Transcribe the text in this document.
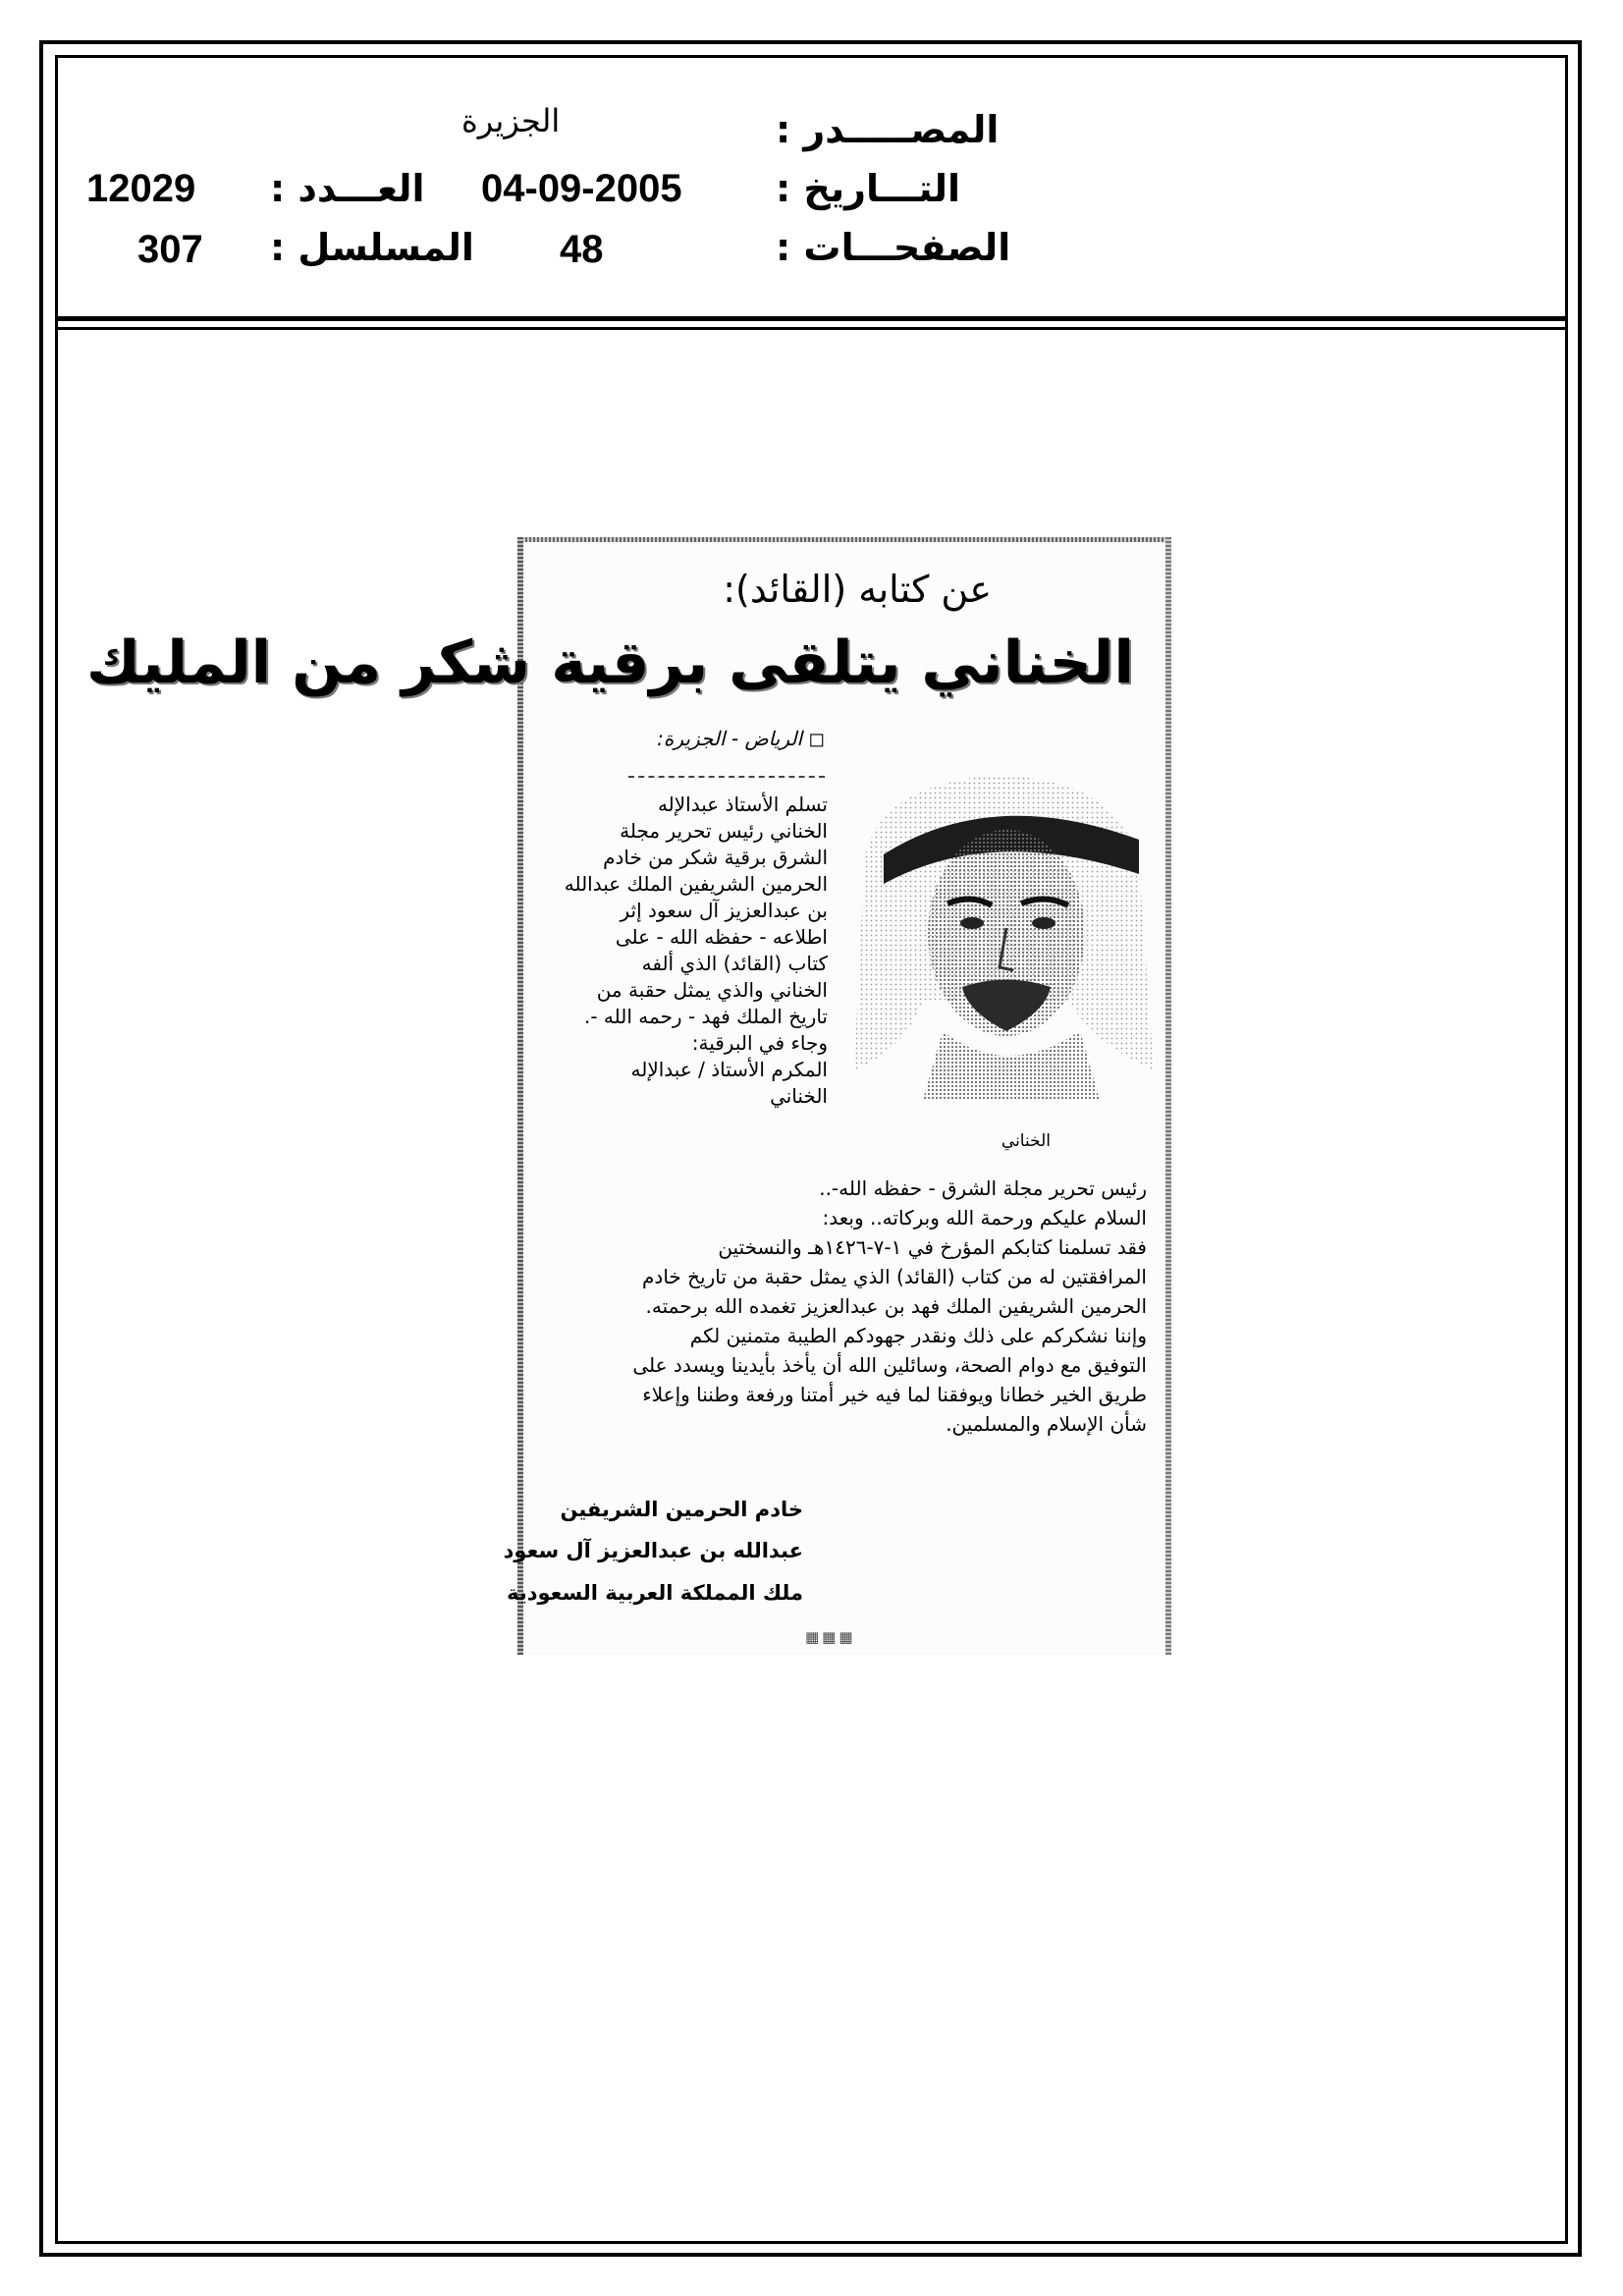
المصـــــدر :
الجزيرة
التـــاريخ :
04-09-2005
العـــدد :
12029
الصفحـــات :
48
المسلسل :
307
عن كتابه (القائد):
الخناني يتلقى برقية شكر من المليك
◻ الرياض - الجزيرة:
الخناني
تسلم الأستاذ عبدالإله
الخناني رئيس تحرير مجلة
الشرق برقية شكر من خادم
الحرمين الشريفين الملك عبدالله
بن عبدالعزيز آل سعود إثر
اطلاعه - حفظه الله - على
كتاب (القائد) الذي ألفه
الخناني والذي يمثل حقبة من
تاريخ الملك فهد - رحمه الله -.
وجاء في البرقية:
المكرم الأستاذ / عبدالإله
الخناني
رئيس تحرير مجلة الشرق - حفظه الله-..
السلام عليكم ورحمة الله وبركاته.. وبعد:
فقد تسلمنا كتابكم المؤرخ في ١-٧-١٤٢٦هـ والنسختين
المرافقتين له من كتاب (القائد) الذي يمثل حقبة من تاريخ خادم
الحرمين الشريفين الملك فهد بن عبدالعزيز تغمده الله برحمته.
وإننا نشكركم على ذلك ونقدر جهودكم الطيبة متمنين لكم
التوفيق مع دوام الصحة، وسائلين الله أن يأخذ بأيدينا ويسدد على
طريق الخير خطانا ويوفقنا لما فيه خير أمتنا ورفعة وطننا وإعلاء
شأن الإسلام والمسلمين.
خادم الحرمين الشريفين
عبدالله بن عبدالعزيز آل سعود
ملك المملكة العربية السعودية
▦▦▦
